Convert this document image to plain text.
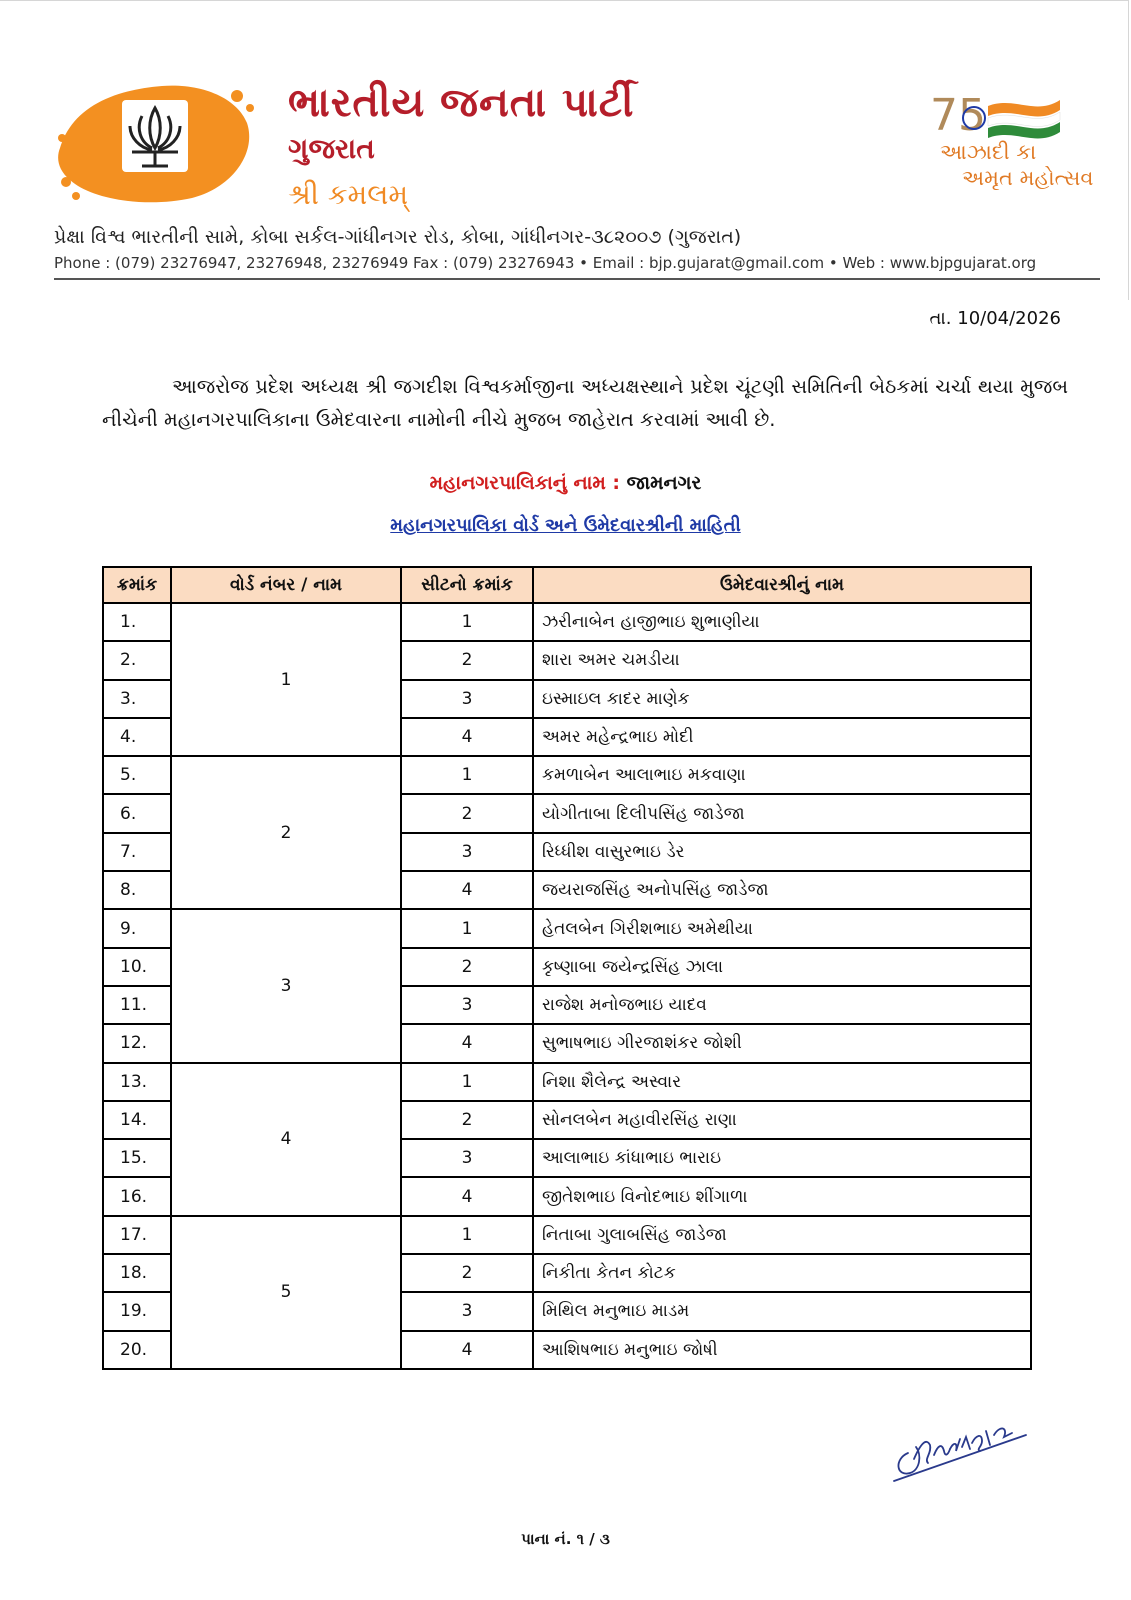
ભારતીય જનતા પાર્ટી
ગુજરાત
શ્રી કમલમ્
75
આઝાદી કા
અમૃત મહોત્સવ
પ્રેક્ષા વિશ્વ ભારતીની સામે, કોબા સર્કલ-ગાંધીનગર રોડ, કોબા, ગાંધીનગર-૩૮૨૦૦૭ (ગુજરાત)
Phone : (079) 23276947, 23276948, 23276949 Fax : (079) 23276943 • Email : bjp.gujarat@gmail.com • Web : www.bjpgujarat.org
તા. 10/04/2026
આજરોજ પ્રદેશ અધ્યક્ષ શ્રી જગદીશ વિશ્વકર્માજીના અધ્યક્ષસ્થાને પ્રદેશ ચૂંટણી સમિતિની બેઠકમાં ચર્ચા થયા મુજબ નીચેની મહાનગરપાલિકાના ઉમેદવારના નામોની નીચે મુજબ જાહેરાત કરવામાં આવી છે.
મહાનગરપાલિકાનું નામ : જામનગર
મહાનગરપાલિકા વોર્ડ અને ઉમેદવારશ્રીની માહિતી
ક્રમાંક	વોર્ડ નંબર / નામ	સીટનો ક્રમાંક	ઉમેદવારશ્રીનું નામ
1.	1	1	ઝરીનાબેન હાજીભાઇ શુભાણીયા
2.		2	શારા અમર ચમડીયા
3.		3	ઇસ્માઇલ કાદર માણેક
4.		4	અમર મહેન્દ્રભાઇ મોદી
5.	2	1	કમળાબેન આલાભાઇ મકવાણા
6.		2	યોગીતાબા દિલીપસિંહ જાડેજા
7.		3	રિધ્ધીશ વાસુરભાઇ ડેર
8.		4	જયરાજસિંહ અનોપસિંહ જાડેજા
9.	3	1	હેતલબેન ગિરીશભાઇ અમેથીયા
10.		2	કૃષ્ણાબા જયેન્દ્રસિંહ ઝાલા
11.		3	રાજેશ મનોજભાઇ યાદવ
12.		4	સુભાષભાઇ ગીરજાશંકર જોશી
13.	4	1	નિશા શૈલેન્દ્ર અસ્વાર
14.		2	સોનલબેન મહાવીરસિંહ રાણા
15.		3	આલાભાઇ કાંધાભાઇ ભારાઇ
16.		4	જીતેશભાઇ વિનોદભાઇ શીંગાળા
17.	5	1	નિતાબા ગુલાબસિંહ જાડેજા
18.		2	નિકીતા કેતન કોટક
19.		3	મિથિલ મનુભાઇ માડમ
20.		4	આશિષભાઇ મનુભાઇ જોષી
પાના નં. ૧ / ૩
